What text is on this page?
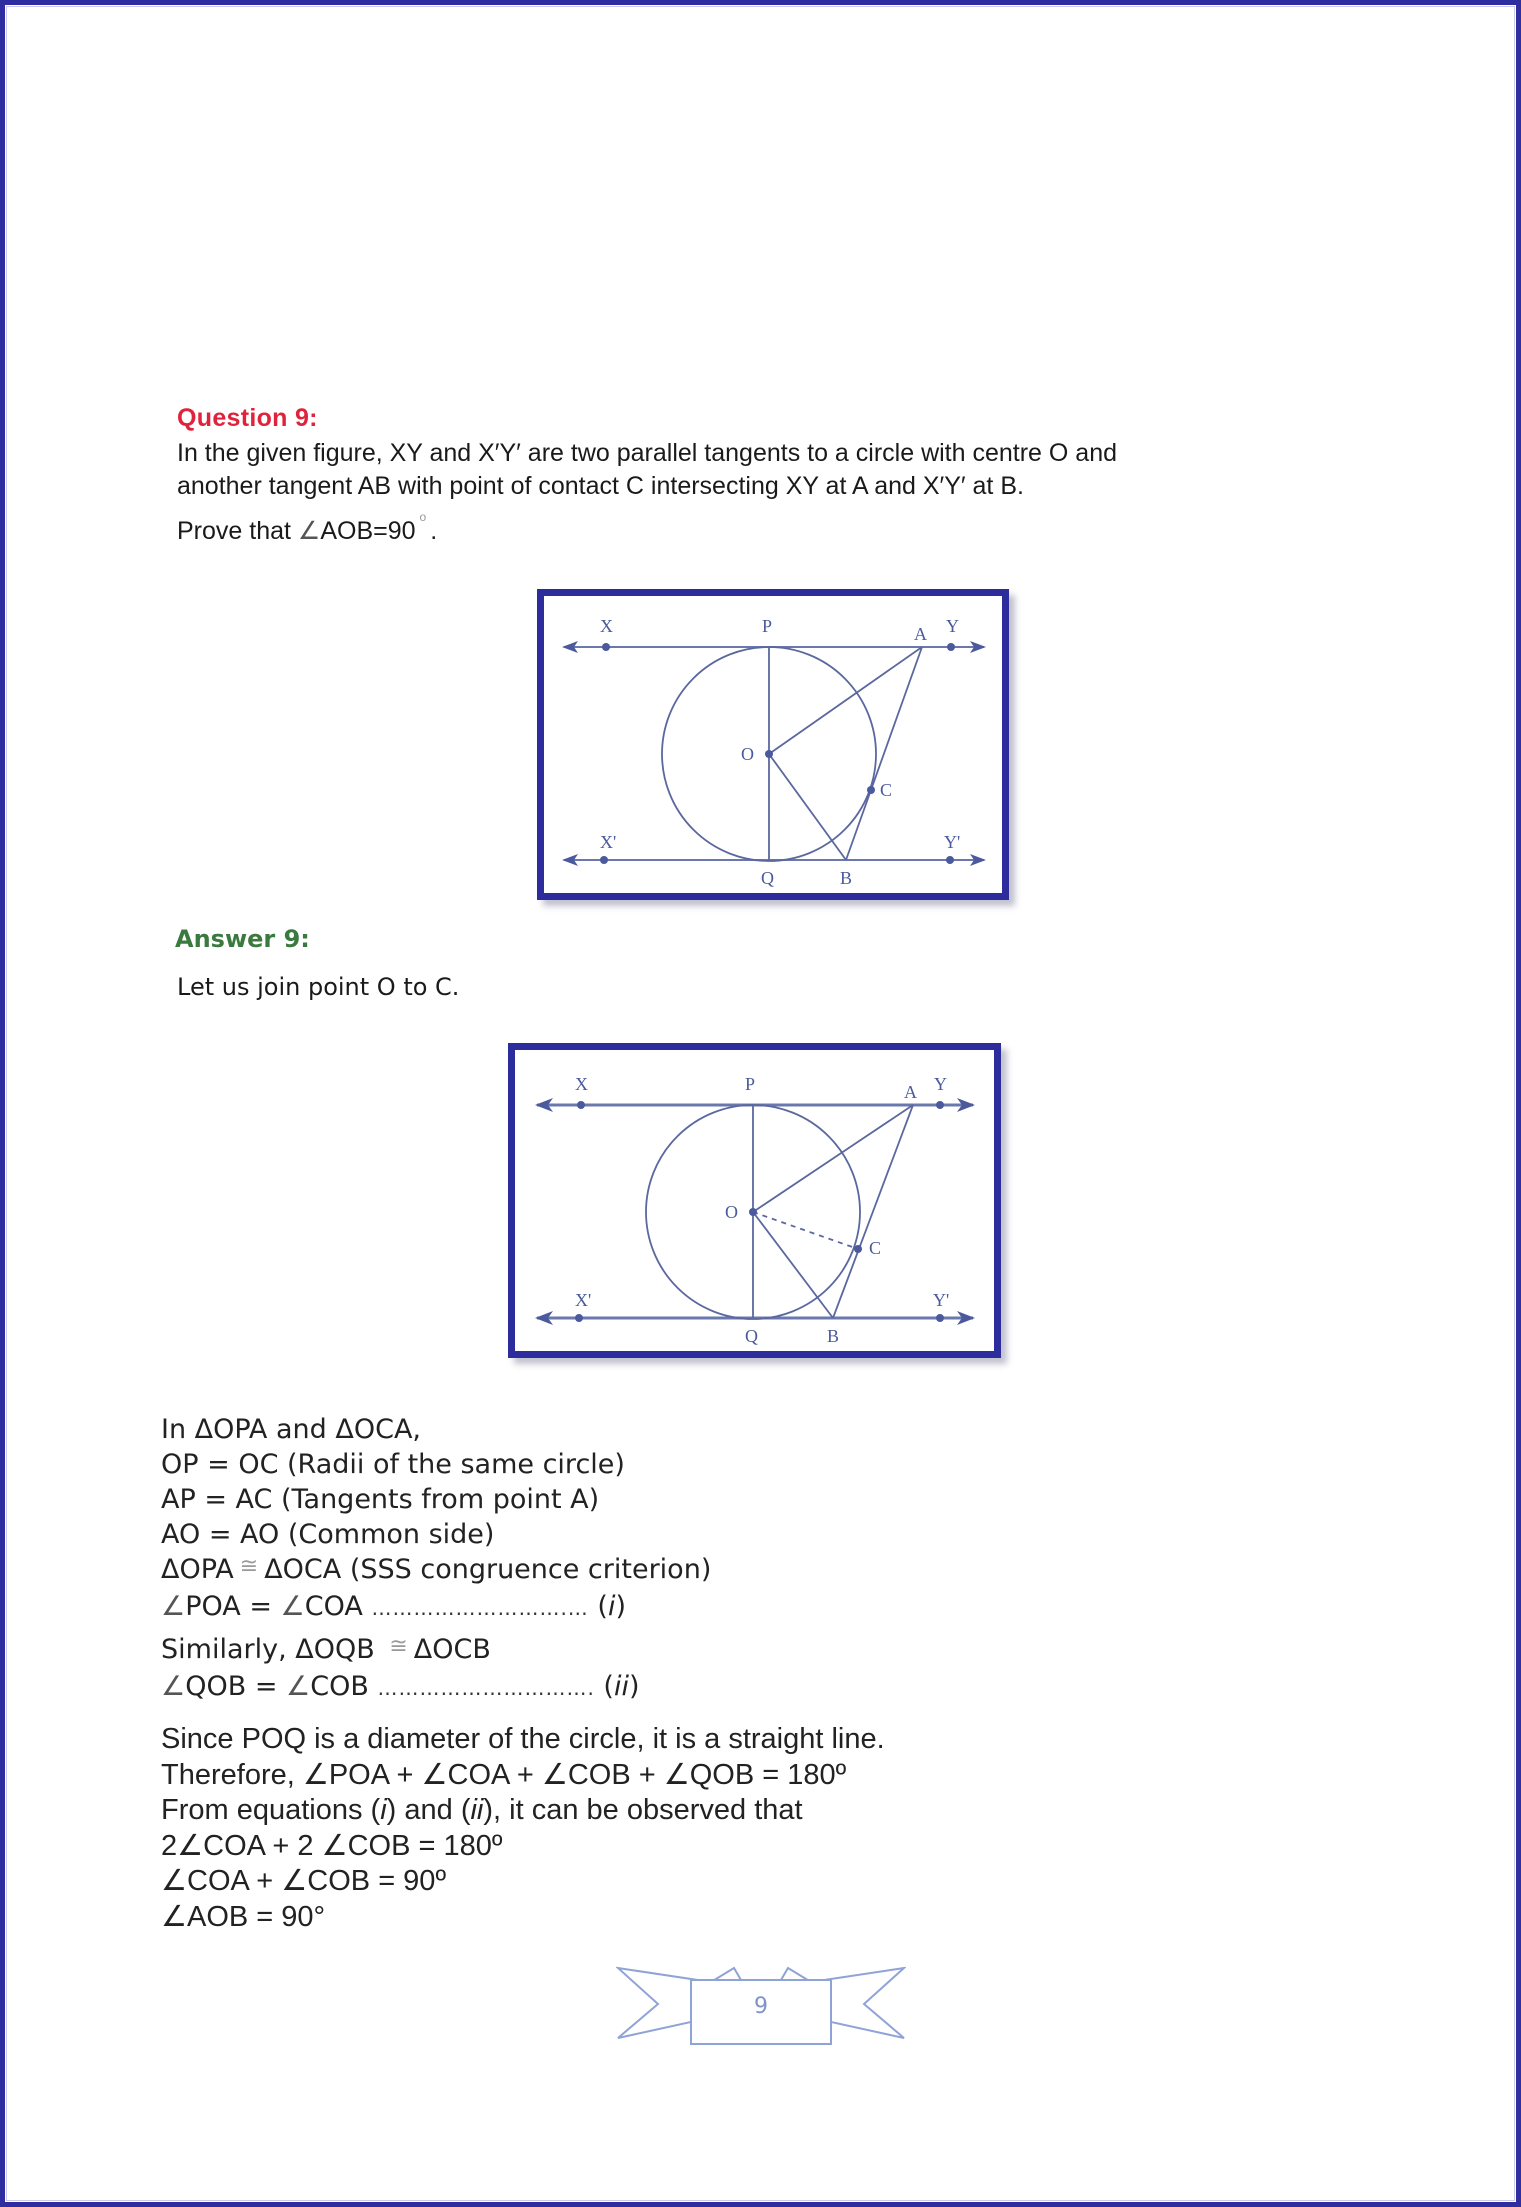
Question 9:
In the given figure, XY and X′Y′ are two parallel tangents to a circle with centre O and
another tangent AB with point of contact C intersecting XY at A and X′Y′ at B.
Prove that ∠AOB=90 $^o$ .
X	P	A Y
O
C
X'	Y'
Q	B
Answer 9:
Let us join point O to C.
X	P	A Y
O
C
X'	Y'
Q	B
In ΔOPA and ΔOCA,
OP = OC (Radii of the same circle)
AP = AC (Tangents from point A)
AO = AO (Common side)
ΔOPA ≅ ΔOCA (SSS congruence criterion)
∠POA = ∠COA ……………………….… (i)
Similarly, ΔOQB ≅ ΔOCB
∠QOB = ∠COB …………………………. (ii)
Since POQ is a diameter of the circle, it is a straight line.
Therefore, ∠POA + ∠COA + ∠COB + ∠QOB = 180º
From equations (i) and (ii), it can be observed that
2∠COA + 2 ∠COB = 180º
∠COA + ∠COB = 90º
∠AOB = 90°
9
